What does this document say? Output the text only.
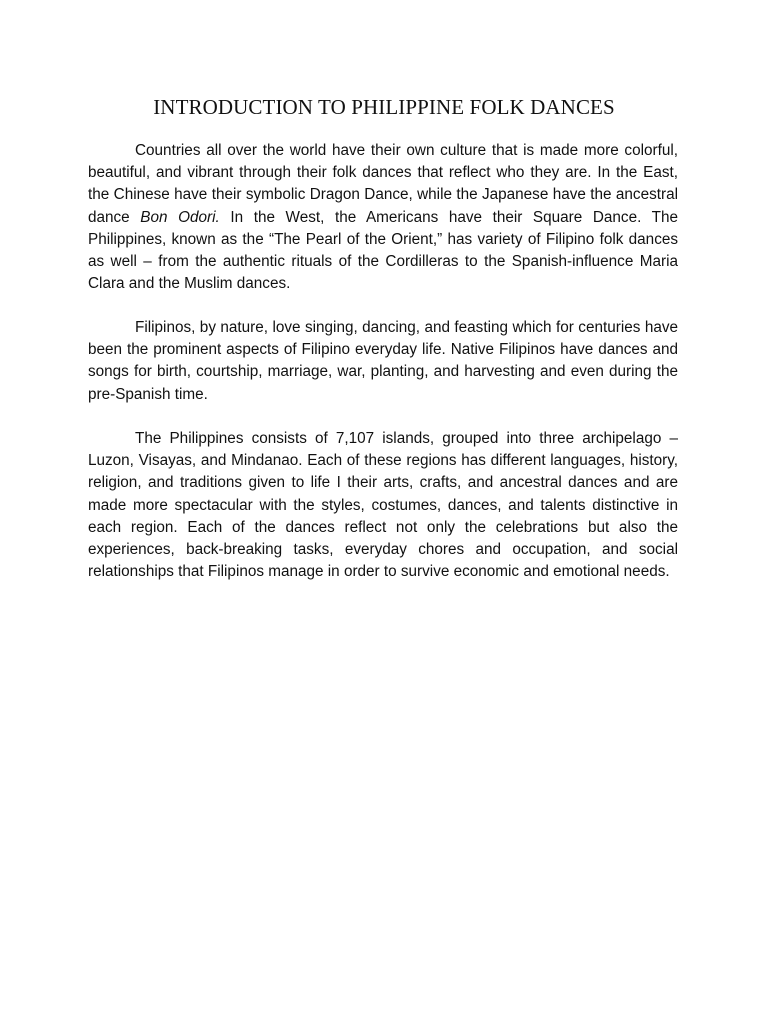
INTRODUCTION TO PHILIPPINE FOLK DANCES

Countries all over the world have their own culture that is made more colorful, beautiful, and vibrant through their folk dances that reflect who they are. In the East, the Chinese have their symbolic Dragon Dance, while the Japanese have the ancestral dance Bon Odori. In the West, the Americans have their Square Dance. The Philippines, known as the “The Pearl of the Orient,” has variety of Filipino folk dances as well – from the authentic rituals of the Cordilleras to the Spanish-influence Maria Clara and the Muslim dances.

Filipinos, by nature, love singing, dancing, and feasting which for centuries have been the prominent aspects of Filipino everyday life. Native Filipinos have dances and songs for birth, courtship, marriage, war, planting, and harvesting and even during the pre-Spanish time.

The Philippines consists of 7,107 islands, grouped into three archipelago – Luzon, Visayas, and Mindanao. Each of these regions has different languages, history, religion, and traditions given to life I their arts, crafts, and ancestral dances and are made more spectacular with the styles, costumes, dances, and talents distinctive in each region. Each of the dances reflect not only the celebrations but also the experiences, back-breaking tasks, everyday chores and occupation, and social relationships that Filipinos manage in order to survive economic and emotional needs.
